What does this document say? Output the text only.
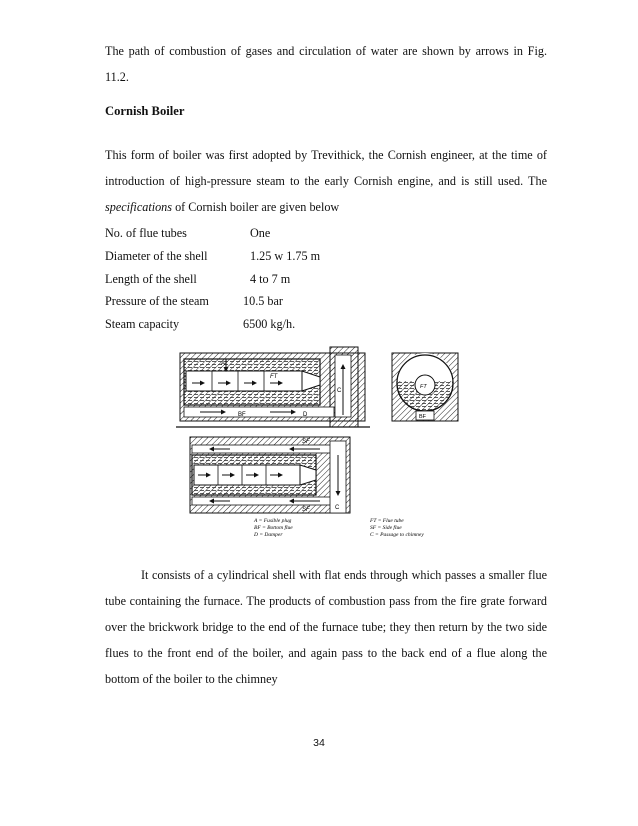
The path of combustion of gases and circulation of water are shown by arrows in Fig. 11.2.

Cornish Boiler

This form of boiler was first adopted by Trevithick, the Cornish engineer, at the time of introduction of high-pressure steam to the early Cornish engine, and is still used. The specifications of Cornish boiler are given below

No. of flue tubes	One
Diameter of the shell	1.25 w 1.75 m
Length of the shell	4 to 7 m
Pressure of the steam	10.5 bar
Steam capacity	6500 kg/h.
A
FT
BF	D
C
FT
BF
SF
SF	C
A = Fusible plug
BF = Bottom flue
D = Damper
FT = Flue tube
SF = Side flue
C = Passage to chimney

It consists of a cylindrical shell with flat ends through which passes a smaller flue tube containing the furnace. The products of combustion pass from the fire grate forward over the brickwork bridge to the end of the furnace tube; they then return by the two side flues to the front end of the boiler, and again pass to the back end of a flue along the bottom of the boiler to the chimney

34
